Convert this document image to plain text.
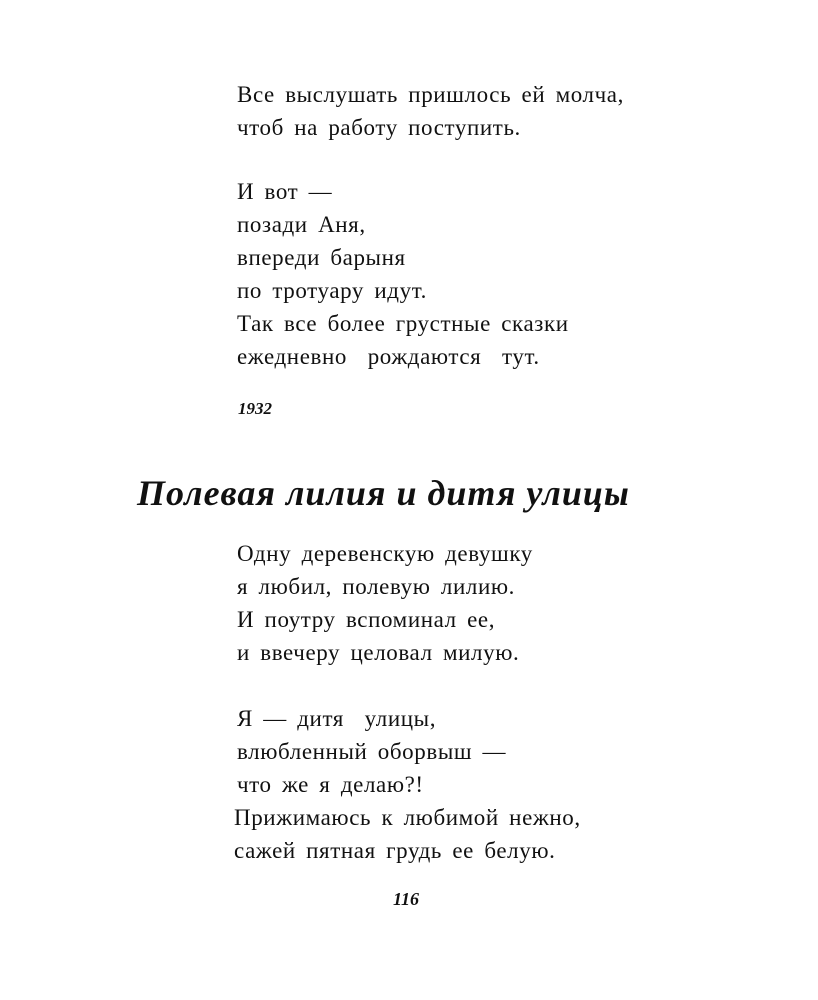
Все выслушать пришлось ей молча,
чтоб на работу поступить.
И вот —
позади Аня,
впереди барыня
по тротуару идут.
Так все более грустные сказки
ежедневно  рождаются  тут.
1932
Полевая лилия и дитя улицы
Одну деревенскую девушку
я любил, полевую лилию.
И поутру вспоминал ее,
и ввечеру целовал милую.
Я — дитя  улицы,
влюбленный оборвыш —
что же я делаю?!
Прижимаюсь к любимой нежно,
сажей пятная грудь ее белую.
116
